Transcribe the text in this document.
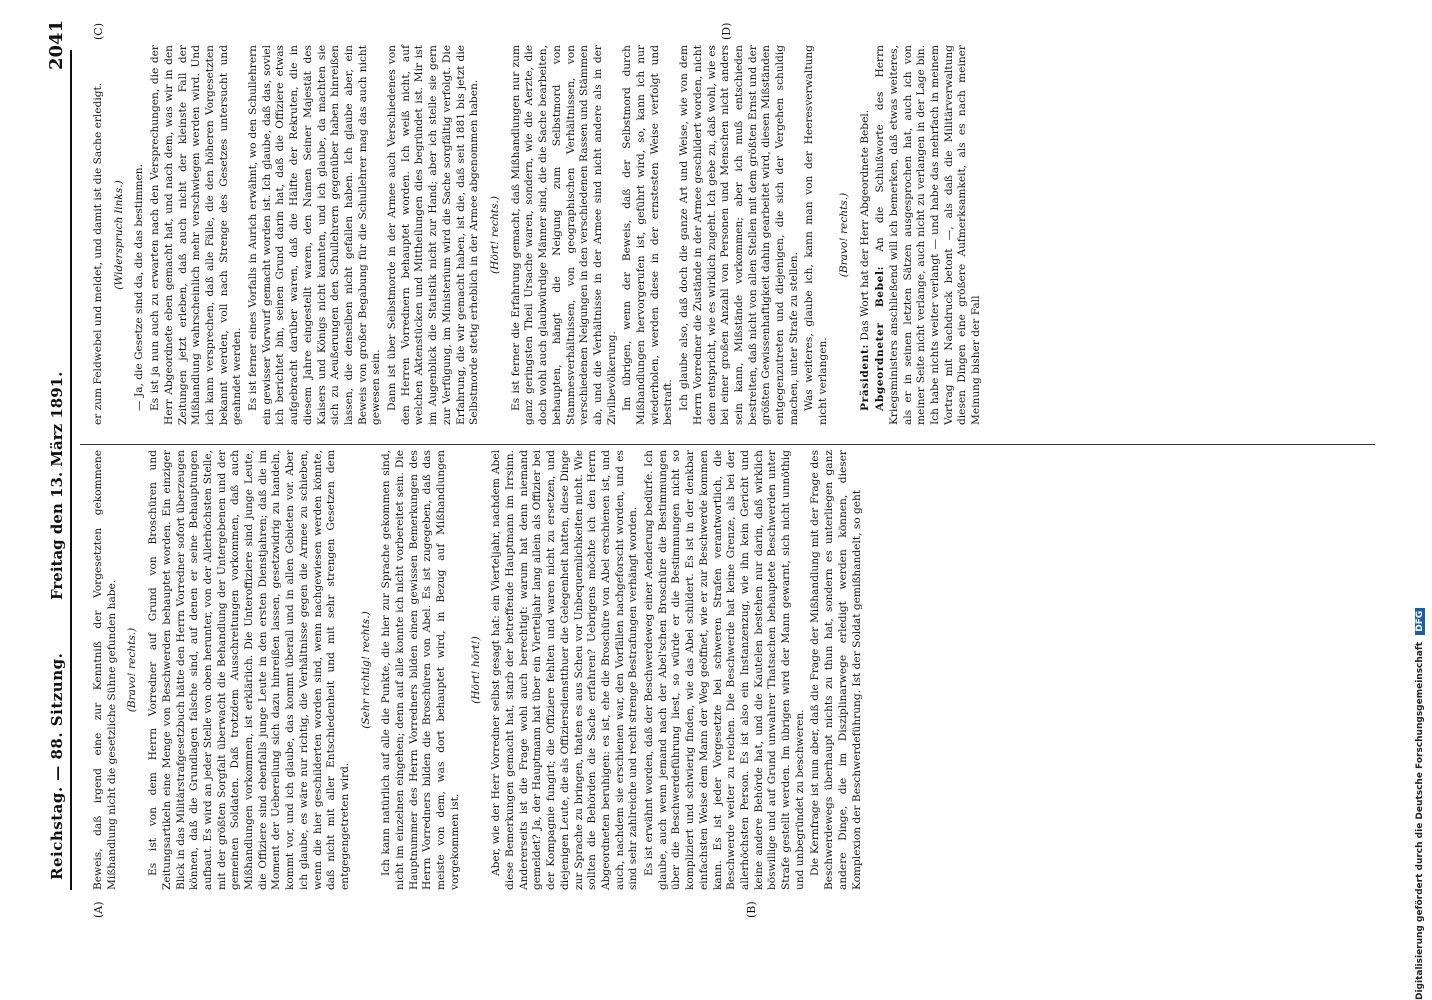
Reichstag. — 88. Sitzung.
Freitag den 13. März 1891.
2041
(A)	(B)
(C)	(D)

Beweis, daß irgend eine zur Kenntniß der Vorgesetzten gekommene Mißhandlung nicht die gesetzliche Sühne gefunden habe. (Bravo! rechts.) Es ist von dem Herrn Vorredner auf Grund von Broschüren und Zeitungsartikeln eine Menge von Beschwerden behauptet worden. Ein einziger Blick in das Militärstrafgesetzbuch hätte den Herrn Vorredner sofort überzeugen können, daß die Grundlagen falsche sind, auf denen er seine Behauptungen aufbaut. Es wird an jeder Stelle von oben herunter, von der Allerhöchsten Stelle, mit der größten Sorgfalt überwacht die Behandlung der Untergebenen und der gemeinen Soldaten. Daß trotzdem Ausschreitungen vorkommen, daß auch Mißhandlungen vorkommen, ist erklärlich. Die Unteroffiziere sind junge Leute, die Offiziere sind ebenfalls junge Leute in den ersten Dienstjahren; daß die im Moment der Uebereilung sich dazu hinreißen lassen, gesetzwidrig zu handeln, kommt vor, und ich glaube, das kommt überall und in allen Gebieten vor. Aber ich glaube, es wäre nur richtig, die Verhältnisse gegen die Armee zu schieben, wenn die hier geschilderten worden sind, wenn nachgewiesen werden könnte, daß nicht mit aller Entschiedenheit und mit sehr strengen Gesetzen dem entgegengetreten wird.

(Sehr richtig! rechts.) Ich kann natürlich auf alle die Punkte, die hier zur Sprache gekommen sind, nicht im einzelnen eingehen; denn auf alle konnte ich nicht vorbereitet sein. Die Hauptnummer des Herrn Vorredners bilden einen gewissen Bemerkungen des Herrn Vorredners bilden die Broschüren von Abel. Es ist zugegeben, daß das meiste von dem, was dort behauptet wird, in Bezug auf Mißhandlungen vorgekommen ist.

(Hört! hört!) Aber, wie der Herr Vorredner selbst gesagt hat: ein Vierteljahr, nachdem Abel diese Bemerkungen gemacht hat, starb der betreffende Hauptmann im Irrsinn. Andererseits ist die Frage wohl auch berechtigt: warum hat denn niemand gemeldet? Ja, der Hauptmann hat über ein Vierteljahr lang allein als Offizier bei der Kompagnie fungirt; die Offiziere fehlten und waren nicht zu ersetzen, und diejenigen Leute, die als Offiziersdienstthuer die Gelegenheit hatten, diese Dinge zur Sprache zu bringen, thaten es aus Scheu vor Unbequemlichkeiten nicht. Wie sollten die Behörden die Sache erfahren? Uebrigens möchte ich den Herrn Abgeordneten beruhigen: es ist, ehe die Broschüre von Abel erschienen ist, und auch, nachdem sie erschienen war, den Vorfällen nachgeforscht worden, und es sind sehr zahlreiche und recht strenge Bestrafungen verhängt worden. Es ist erwähnt worden, daß der Beschwerdeweg einer Aenderung bedürfe. Ich glaube, auch wenn jemand nach der Abel'schen Broschüre die Bestimmungen über die Beschwerdeführung liest, so würde er die Bestimmungen nicht so kompliziert und schwierig finden, wie das Abel schildert. Es ist in der denkbar einfachsten Weise dem Mann der Weg geöffnet, wie er zur Beschwerde kommen kann. Es ist jeder Vorgesetzte bei schweren Strafen verantwortlich, die Beschwerde weiter zu reichen. Die Beschwerde hat keine Grenze, als bei der allerhöchsten Person. Es ist also ein Instanzenzug, wie ihn kein Gericht und keine andere Behörde hat, und die Kautelen bestehen nur darin, daß wirklich böswillige und auf Grund unwahrer Thatsachen behauptete Beschwerden unter Strafe gestellt werden. Im übrigen wird der Mann gewarnt, sich nicht unnöthig und unbegründet zu beschweren. Die Kernfrage ist nun aber, daß die Frage der Mißhandlung mit der Frage des Beschwerdewegs überhaupt nichts zu thun hat, sondern es unterliegen ganz andere Dinge, die im Disziplinarwege erledigt werden können, dieser Komplexion der Beschwerdeführung. Ist der Soldat gemißhandelt, so geht

er zum Feldwebel und meldet, und damit ist die Sache erledigt. (Widerspruch links.) — Ja, die Gesetze sind da, die das bestimmen. Es ist ja nun auch zu erwarten nach den Versprechungen, die der Herr Abgeordnete eben gemacht hat, und nach dem, was wir in den Zeitungen jetzt erleben, daß auch nicht der kleinste Fall der Mißhandlung wahrscheinlich mehr verschwiegen werden wird. Und ich kann versprechen, daß alle Fälle, die den höheren Vorgesetzten bekannt werden, voll nach Strenge des Gesetzes untersucht und geahndet werden. Es ist ferner eines Vorfalls in Aurich erwähnt, wo den Schullehrern ein gewisser Vorwurf gemacht worden ist. Ich glaube, daß das, soviel ich berichtet bin, seinen Grund darin hat, daß die Offiziere etwas aufgebracht darüber waren, daß die Hälfte der Rekruten, die in diesem Jahre eingestellt waren, den Namen Seiner Majestät des Kaisers und Königs nicht kannten, und ich glaube, da machten sie sich zu Aeußerungen den Schullehrern gegenüber haben hinreißen lassen, die denselben nicht gefallen haben. Ich glaube aber, ein Beweis von großer Begabung für die Schullehrer mag das auch nicht gewesen sein. Dann ist über Selbstmorde in der Armee auch Verschiedenes von den Herren Vorrednern behauptet worden. Ich weiß nicht, auf welchen Aktenstücken und Mittheilungen dies begründet ist. Mir ist im Augenblick die Statistik nicht zur Hand; aber ich stelle sie gern zur Verfügung, im Ministerium wird die Sache sorgfältig verfolgt. Die Erfahrung, die wir gemacht haben, ist die, daß seit 1881 bis jetzt die Selbstmorde stetig erheblich in der Armee abgenommen haben. (Hört! rechts.) Es ist ferner die Erfahrung gemacht, daß Mißhandlungen nur zum ganz geringsten Theil Ursache waren, sondern, wie die Aerzte, die doch wohl auch glaubwürdige Männer sind, die die Sache bearbeiten, behaupten, hängt die Neigung zum Selbstmord von Stammesverhältnissen, von geographischen Verhältnissen, von verschiedenen Neigungen in den verschiedenen Rassen und Stämmen ab, und die Verhältnisse in der Armee sind nicht andere als in der Zivilbevölkerung. Im übrigen, wenn der Beweis, daß der Selbstmord durch Mißhandlungen hervorgerufen ist, geführt wird, so, kann ich nur wiederholen, werden diese in der ernstesten Weise verfolgt und bestraft. Ich glaube also, daß doch die ganze Art und Weise, wie von dem Herrn Vorredner die Zustände in der Armee geschildert worden, nicht dem entspricht, wie es wirklich zugeht. Ich gebe zu, daß wohl, wie es bei einer großen Anzahl von Personen und Menschen nicht anders sein kann, Mißstände vorkommen; aber ich muß entschieden bestreiten, daß nicht von allen Stellen mit dem größten Ernst und der größten Gewissenhaftigkeit dahin gearbeitet wird, diesen Mißständen entgegenzutreten und diejenigen, die sich der Vergehen schuldig machen, unter Strafe zu stellen. Was weiteres, glaube ich, kann man von der Heeresverwaltung nicht verlangen.

(Bravo! rechts.)

Präsident: Das Wort hat der Herr Abgeordnete Bebel. Abgeordneter Bebel: An die Schlußworte des Herrn Kriegsministers anschließend will ich bemerken, daß etwas weiteres, als er in seinen letzten Sätzen ausgesprochen hat, auch ich von meiner Seite nicht verlange, auch nicht zu verlangen in der Lage bin. Ich habe nichts weiter verlangt — und habe das mehrfach in meinem Vortrag mit Nachdruck betont —, als daß die Militärverwaltung diesen Dingen eine größere Aufmerksamkeit, als es nach meiner Meinung bisher der Fall

Digitalisierung gefördert durch die Deutsche Forschungsgemeinschaft DFG
